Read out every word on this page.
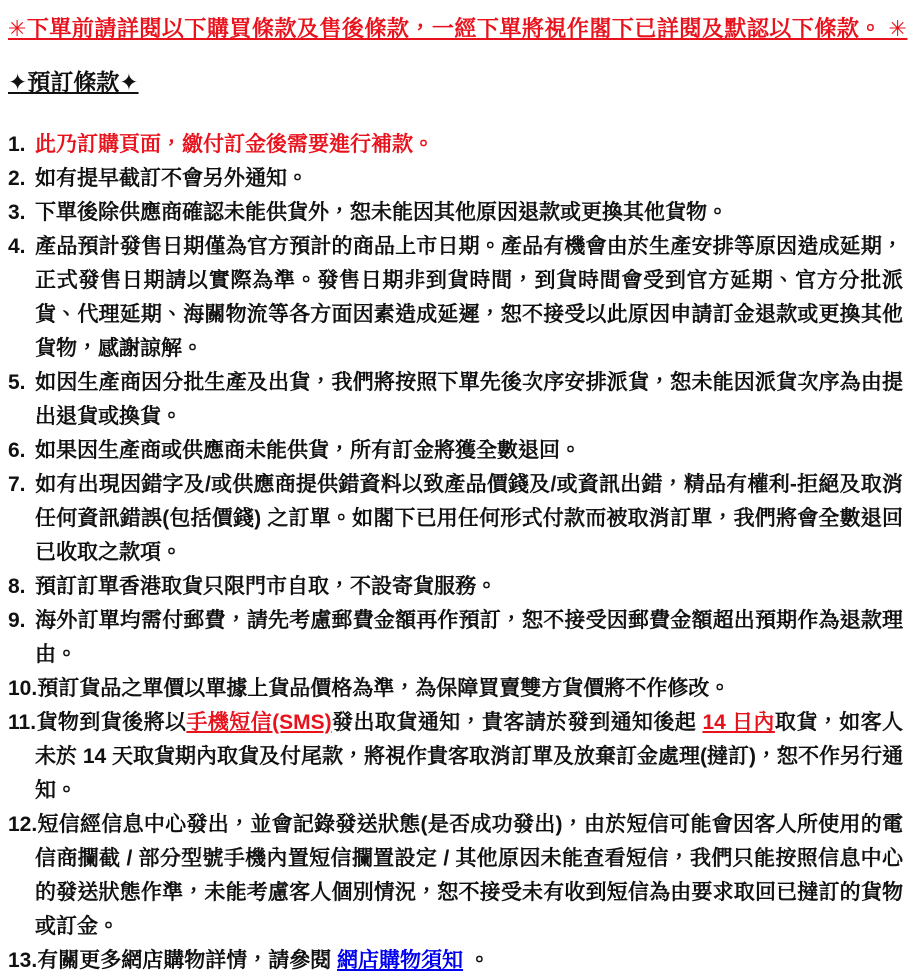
✳下單前請詳閱以下購買條款及售後條款，一經下單將視作閣下已詳閱及默認以下條款。 ✳
✦預訂條款✦
1. 此乃訂購頁面，繳付訂金後需要進行補款。
2. 如有提早截訂不會另外通知。
3. 下單後除供應商確認未能供貨外，恕未能因其他原因退款或更換其他貨物。
4. 產品預計發售日期僅為官方預計的商品上市日期。產品有機會由於生產安排等原因造成延期，正式發售日期請以實際為準。發售日期非到貨時間，到貨時間會受到官方延期、官方分批派貨、代理延期、海關物流等各方面因素造成延遲，恕不接受以此原因申請訂金退款或更換其他貨物，感謝諒解。
5. 如因生產商因分批生產及出貨，我們將按照下單先後次序安排派貨，恕未能因派貨次序為由提出退貨或換貨。
6. 如果因生產商或供應商未能供貨，所有訂金將獲全數退回。
7. 如有出現因錯字及/或供應商提供錯資料以致產品價錢及/或資訊出錯，精品有權利-拒絕及取消任何資訊錯誤(包括價錢) 之訂單。如閣下已用任何形式付款而被取消訂單，我們將會全數退回已收取之款項。
8. 預訂訂單香港取貨只限門市自取，不設寄貨服務。
9. 海外訂單均需付郵費，請先考慮郵費金額再作預訂，恕不接受因郵費金額超出預期作為退款理由。
10.預訂貨品之單價以單據上貨品價格為準，為保障買賣雙方貨價將不作修改。
11.貨物到貨後將以手機短信(SMS)發出取貨通知，貴客請於發到通知後起 14 日內取貨，如客人未於 14 天取貨期內取貨及付尾款，將視作貴客取消訂單及放棄訂金處理(撻訂)，恕不作另行通知。
12.短信經信息中心發出，並會記錄發送狀態(是否成功發出)，由於短信可能會因客人所使用的電信商攔截 / 部分型號手機內置短信攔置設定 / 其他原因未能查看短信，我們只能按照信息中心的發送狀態作準，未能考慮客人個別情況，恕不接受未有收到短信為由要求取回已撻訂的貨物或訂金。
13.有關更多網店購物詳情，請參閱 網店購物須知 。
